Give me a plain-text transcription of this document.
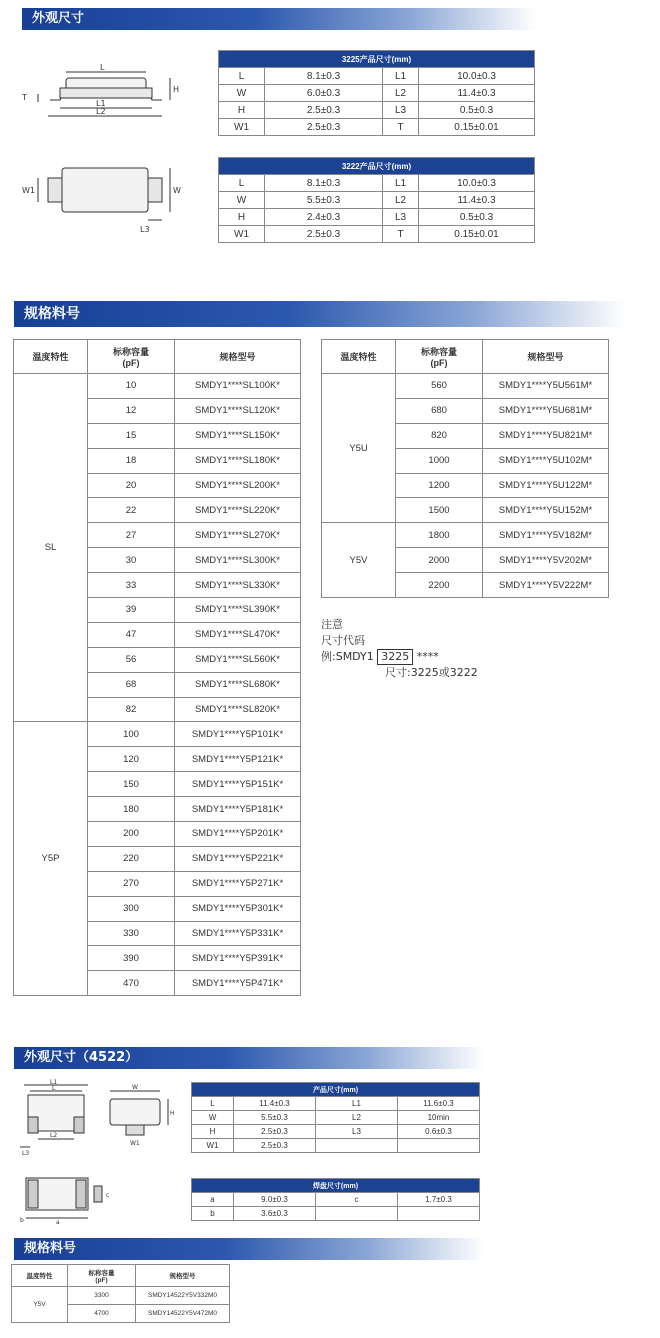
外观尺寸
规格料号
外观尺寸（4522）
规格料号
L
L1
L2
H
T
W
W1
L3
3225产品尺寸(mm)			
L	8.1±0.3	L1	10.0±0.3
W	6.0±0.3	L2	11.4±0.3
H	2.5±0.3	L3	0.5±0.3
W1	2.5±0.3	T	0.15±0.01
3222产品尺寸(mm)			
L	8.1±0.3	L1	10.0±0.3
W	5.5±0.3	L2	11.4±0.3
H	2.4±0.3	L3	0.5±0.3
W1	2.5±0.3	T	0.15±0.01
温度特性	标称容量
(pF)	规格型号
SL	10	SMDY1****SL100K*
	12	SMDY1****SL120K*
	15	SMDY1****SL150K*
	18	SMDY1****SL180K*
	20	SMDY1****SL200K*
	22	SMDY1****SL220K*
	27	SMDY1****SL270K*
	30	SMDY1****SL300K*
	33	SMDY1****SL330K*
	39	SMDY1****SL390K*
	47	SMDY1****SL470K*
	56	SMDY1****SL560K*
	68	SMDY1****SL680K*
	82	SMDY1****SL820K*
Y5P	100	SMDY1****Y5P101K*
	120	SMDY1****Y5P121K*
	150	SMDY1****Y5P151K*
	180	SMDY1****Y5P181K*
	200	SMDY1****Y5P201K*
	220	SMDY1****Y5P221K*
	270	SMDY1****Y5P271K*
	300	SMDY1****Y5P301K*
	330	SMDY1****Y5P331K*
	390	SMDY1****Y5P391K*
	470	SMDY1****Y5P471K*
温度特性	标称容量
(pF)	规格型号
Y5U	560	SMDY1****Y5U561M*
	680	SMDY1****Y5U681M*
	820	SMDY1****Y5U821M*
	1000	SMDY1****Y5U102M*
	1200	SMDY1****Y5U122M*
	1500	SMDY1****Y5U152M*
Y5V	1800	SMDY1****Y5V182M*
	2000	SMDY1****Y5V202M*
	2200	SMDY1****Y5V222M*
注意
尺寸代码
例:SMDY1 3225 ****
尺寸:3225或3222
L1
L
L2
L3
W
H
W1
b	a
c
产品尺寸(mm)			
L	11.4±0.3	L1	11.6±0.3
W	5.5±0.3	L2	10min
H	2.5±0.3	L3	0.6±0.3
W1	2.5±0.3		
焊盘尺寸(mm)			
a	9.0±0.3	c	1.7±0.3
b	3.6±0.3		
温度特性	标称容量
(pF)	规格型号
Y5V	3300	SMDY14522Y5V332M0
	4700	SMDY14522Y5V472M0
